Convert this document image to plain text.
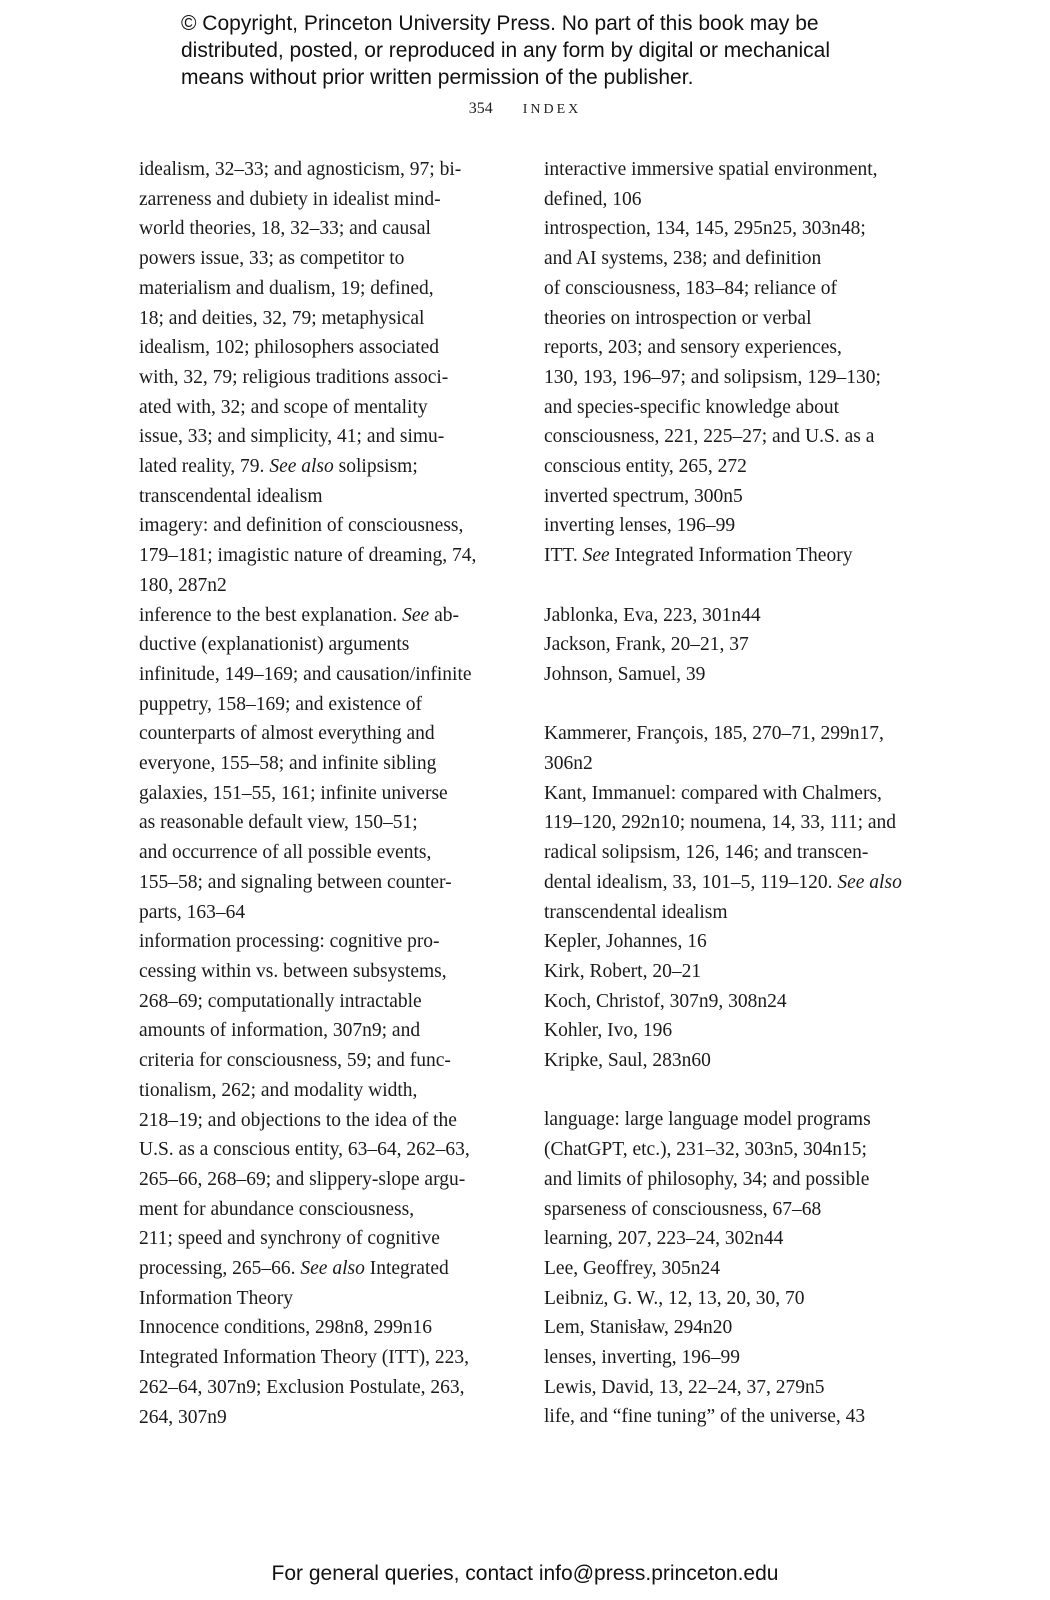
© Copyright, Princeton University Press. No part of this book may be
distributed, posted, or reproduced in any form by digital or mechanical
means without prior written permission of the publisher.
354 INDEX
idealism, 32–33; and agnosticism, 97; bi-
zarreness and dubiety in idealist mind-
world theories, 18, 32–33; and causal
powers issue, 33; as competitor to
materialism and dualism, 19; defined,
18; and deities, 32, 79; metaphysical
idealism, 102; philosophers associated
with, 32, 79; religious traditions associ-
ated with, 32; and scope of mentality
issue, 33; and simplicity, 41; and simu-
lated reality, 79. See also solipsism;
transcendental idealism
imagery: and definition of consciousness,
179–181; imagistic nature of dreaming, 74,
180, 287n2
inference to the best explanation. See ab-
ductive (explanationist) arguments
infinitude, 149–169; and causation/infinite
puppetry, 158–169; and existence of
counterparts of almost everything and
everyone, 155–58; and infinite sibling
galaxies, 151–55, 161; infinite universe
as reasonable default view, 150–51;
and occurrence of all possible events,
155–58; and signaling between counter-
parts, 163–64
information processing: cognitive pro-
cessing within vs. between subsystems,
268–69; computationally intractable
amounts of information, 307n9; and
criteria for consciousness, 59; and func-
tionalism, 262; and modality width,
218–19; and objections to the idea of the
U.S. as a conscious entity, 63–64, 262–63,
265–66, 268–69; and slippery-slope argu-
ment for abundance consciousness,
211; speed and synchrony of cognitive
processing, 265–66. See also Integrated
Information Theory
Innocence conditions, 298n8, 299n16
Integrated Information Theory (ITT), 223,
262–64, 307n9; Exclusion Postulate, 263,
264, 307n9
interactive immersive spatial environment,
defined, 106
introspection, 134, 145, 295n25, 303n48;
and AI systems, 238; and definition
of consciousness, 183–84; reliance of
theories on introspection or verbal
reports, 203; and sensory experiences,
130, 193, 196–97; and solipsism, 129–130;
and species-specific knowledge about
consciousness, 221, 225–27; and U.S. as a
conscious entity, 265, 272
inverted spectrum, 300n5
inverting lenses, 196–99
ITT. See Integrated Information Theory
Jablonka, Eva, 223, 301n44
Jackson, Frank, 20–21, 37
Johnson, Samuel, 39
Kammerer, François, 185, 270–71, 299n17,
306n2
Kant, Immanuel: compared with Chalmers,
119–120, 292n10; noumena, 14, 33, 111; and
radical solipsism, 126, 146; and transcen-
dental idealism, 33, 101–5, 119–120. See also
transcendental idealism
Kepler, Johannes, 16
Kirk, Robert, 20–21
Koch, Christof, 307n9, 308n24
Kohler, Ivo, 196
Kripke, Saul, 283n60
language: large language model programs
(ChatGPT, etc.), 231–32, 303n5, 304n15;
and limits of philosophy, 34; and possible
sparseness of consciousness, 67–68
learning, 207, 223–24, 302n44
Lee, Geoffrey, 305n24
Leibniz, G. W., 12, 13, 20, 30, 70
Lem, Stanisław, 294n20
lenses, inverting, 196–99
Lewis, David, 13, 22–24, 37, 279n5
life, and “fine tuning” of the universe, 43
For general queries, contact info@press.princeton.edu
